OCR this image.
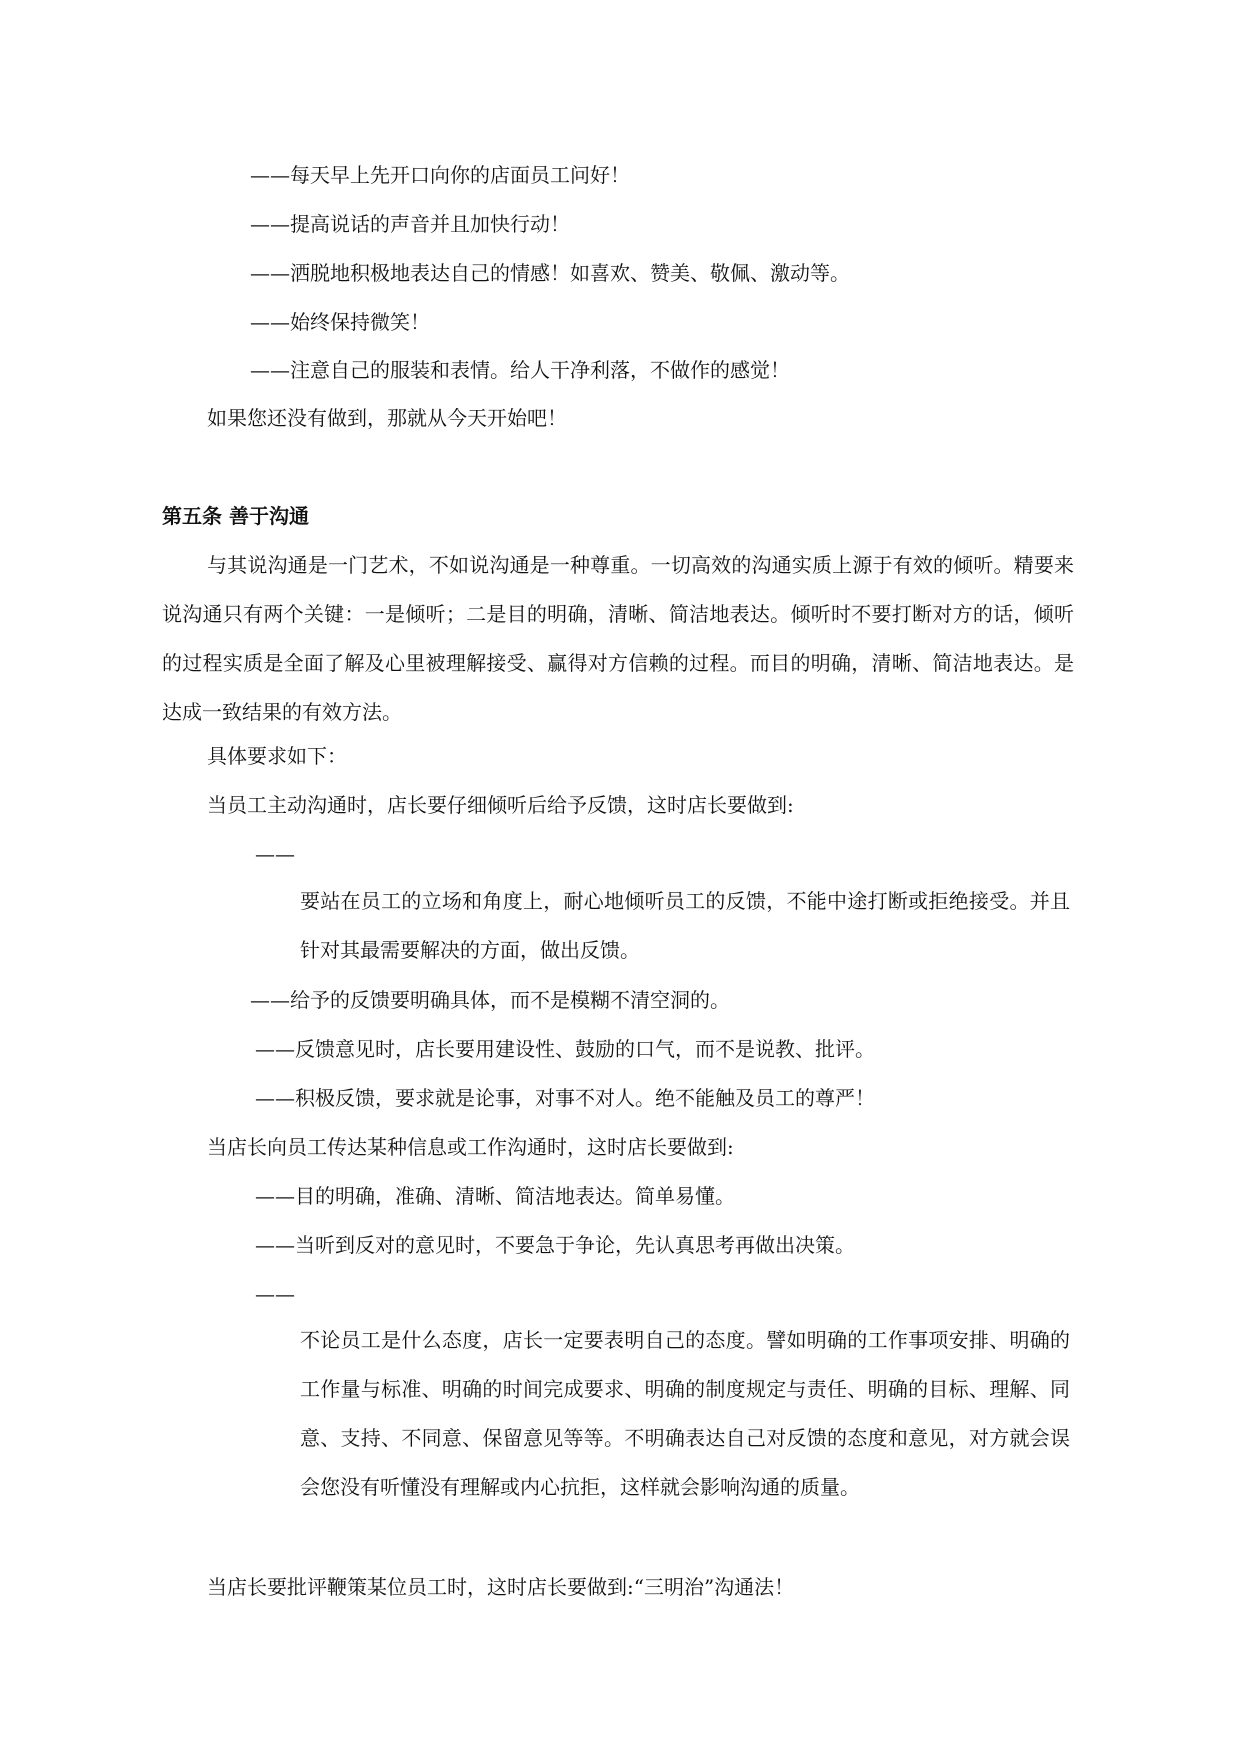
——每天早上先开口向你的店面员工问好！
——提高说话的声音并且加快行动！
——洒脱地积极地表达自己的情感！如喜欢、赞美、敬佩、激动等。
——始终保持微笑！
——注意自己的服装和表情。给人干净利落，不做作的感觉！
如果您还没有做到，那就从今天开始吧！
第五条 善于沟通
与其说沟通是一门艺术，不如说沟通是一种尊重。一切高效的沟通实质上源于有效的倾听。精要来说沟通只有两个关键：一是倾听；二是目的明确，清晰、简洁地表达。倾听时不要打断对方的话，倾听的过程实质是全面了解及心里被理解接受、赢得对方信赖的过程。而目的明确，清晰、简洁地表达。是达成一致结果的有效方法。
具体要求如下：
当员工主动沟通时，店长要仔细倾听后给予反馈，这时店长要做到:
——
要站在员工的立场和角度上，耐心地倾听员工的反馈，不能中途打断或拒绝接受。并且针对其最需要解决的方面，做出反馈。
——给予的反馈要明确具体，而不是模糊不清空洞的。
——反馈意见时，店长要用建设性、鼓励的口气，而不是说教、批评。
——积极反馈，要求就是论事，对事不对人。绝不能触及员工的尊严！
当店长向员工传达某种信息或工作沟通时，这时店长要做到:
——目的明确，准确、清晰、简洁地表达。简单易懂。
——当听到反对的意见时，不要急于争论，先认真思考再做出决策。
——
不论员工是什么态度，店长一定要表明自己的态度。譬如明确的工作事项安排、明确的工作量与标准、明确的时间完成要求、明确的制度规定与责任、明确的目标、理解、同意、支持、不同意、保留意见等等。不明确表达自己对反馈的态度和意见，对方就会误会您没有听懂没有理解或内心抗拒，这样就会影响沟通的质量。
当店长要批评鞭策某位员工时，这时店长要做到:“三明治”沟通法！
